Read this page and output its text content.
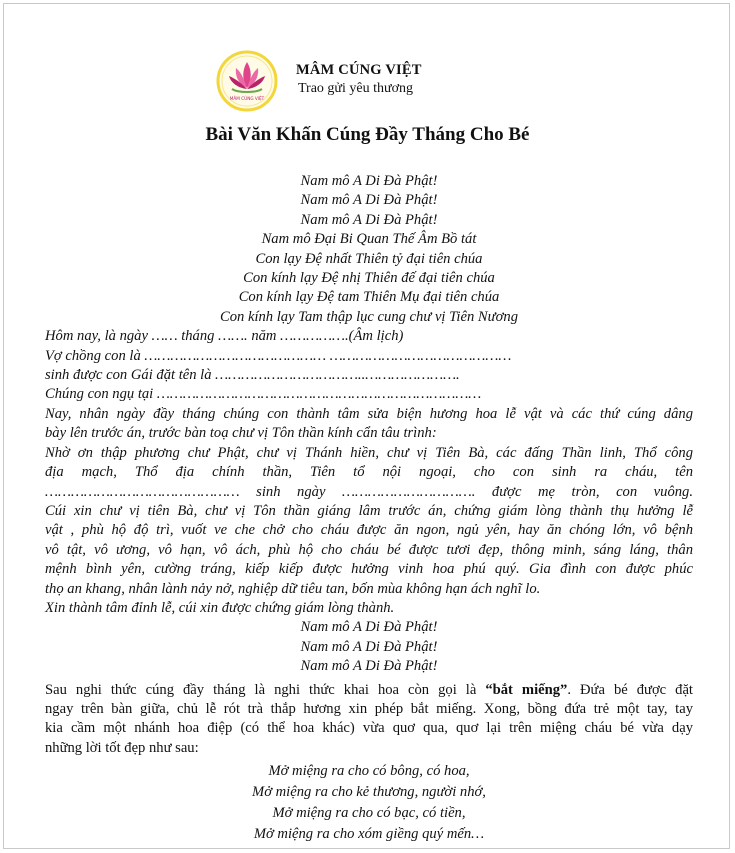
MÂM CÚNG VIỆT
MÂM CÚNG VIỆT
Trao gửi yêu thương
Bài Văn Khấn Cúng Đầy Tháng Cho Bé
Nam mô A Di Đà Phật!
Nam mô A Di Đà Phật!
Nam mô A Di Đà Phật!
Nam mô Đại Bi Quan Thế Âm Bồ tát
Con lạy Đệ nhất Thiên tỷ đại tiên chúa
Con kính lạy Đệ nhị Thiên đế đại tiên chúa
Con kính lạy Đệ tam Thiên Mụ đại tiên chúa
Con kính lạy Tam thập lục cung chư vị Tiên Nương
Hôm nay, là ngày …… tháng ……. năm …………….(Âm lịch)
Vợ chồng con là …………………………………… ……………………………………
sinh được con Gái đặt tên là ……………………………..………………….
Chúng con ngụ tại …………………………………………………………………
Nay, nhân ngày đầy tháng chúng con thành tâm sửa biện hương hoa lễ vật và các thứ cúng dâng
bày lên trước án, trước bàn toạ chư vị Tôn thần kính cẩn tâu trình:
Nhờ ơn thập phương chư Phật, chư vị Thánh hiền, chư vị Tiên Bà, các đấng Thần linh, Thổ công
địa mạch, Thổ địa chính thần, Tiên tổ nội ngoại, cho con sinh ra cháu, tên
……………………………………… sinh ngày …………………………. được mẹ tròn, con vuông.
Cúi xin chư vị tiên Bà, chư vị Tôn thần giáng lâm trước án, chứng giám lòng thành thụ hưởng lễ
vật , phù hộ độ trì, vuốt ve che chở cho cháu được ăn ngon, ngủ yên, hay ăn chóng lớn, vô bệnh
vô tật, vô ương, vô hạn, vô ách, phù hộ cho cháu bé được tươi đẹp, thông minh, sáng láng, thân
mệnh bình yên, cường tráng, kiếp kiếp được hưởng vinh hoa phú quý. Gia đình con được phúc
thọ an khang, nhân lành nảy nở, nghiệp dữ tiêu tan, bốn mùa không hạn ách nghĩ lo.
Xin thành tâm đỉnh lễ, cúi xin được chứng giám lòng thành.
Nam mô A Di Đà Phật!
Nam mô A Di Đà Phật!
Nam mô A Di Đà Phật!
Sau nghi thức cúng đầy tháng là nghi thức khai hoa còn gọi là “bắt miếng”. Đứa bé được đặt
ngay trên bàn giữa, chủ lễ rót trà thắp hương xin phép bắt miếng. Xong, bồng đứa trẻ một tay, tay
kia cầm một nhánh hoa điệp (có thể hoa khác) vừa quơ qua, quơ lại trên miệng cháu bé vừa dạy
những lời tốt đẹp như sau:
Mở miệng ra cho có bông, có hoa,
Mở miệng ra cho kẻ thương, người nhớ,
Mở miệng ra cho có bạc, có tiền,
Mở miệng ra cho xóm giềng quý mến…
